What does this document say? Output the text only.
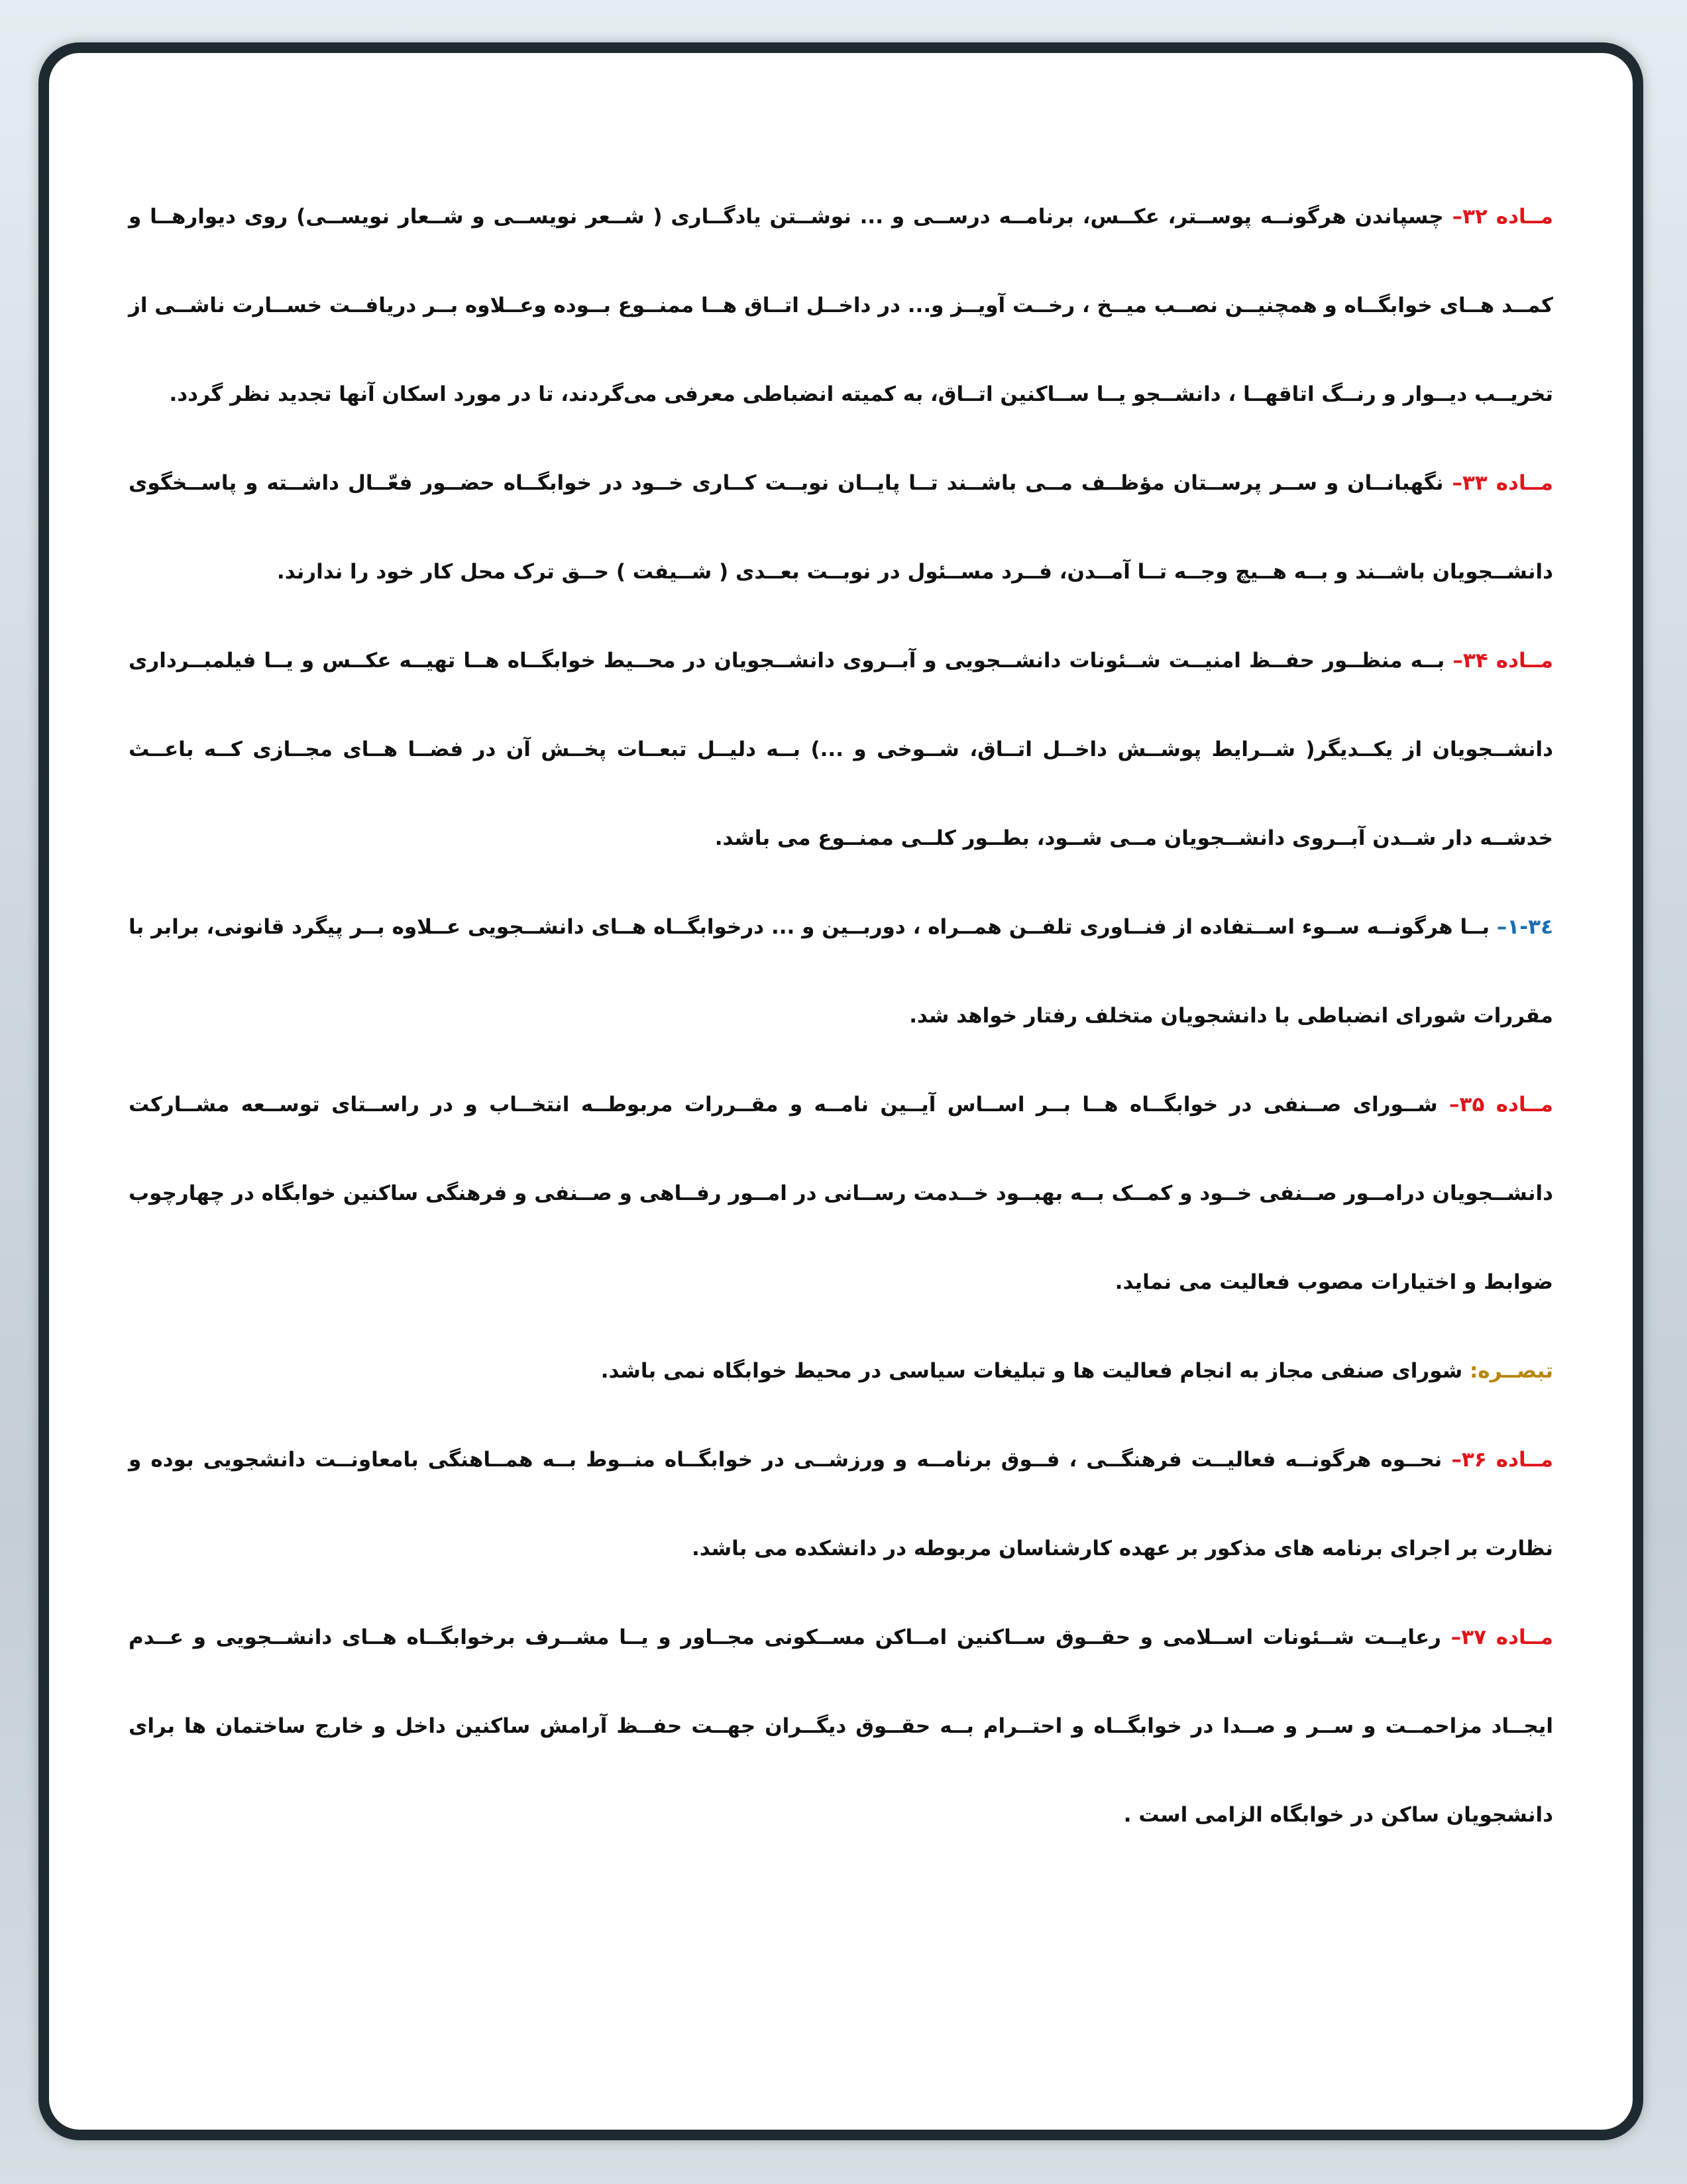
مــاده ۳۲– چسپاندن هرگونــه پوســتر، عکــس، برنامــه درســی و ... نوشــتن یادگــاری ( شــعر نویســی و شــعار نویســی) روی دیوارهــا و کمــد هــای خوابگــاه و همچنیــن نصــب میــخ ، رخــت آویــز و... در داخــل اتــاق هــا ممنــوع بــوده وعــلاوه بــر دریافــت خســارت ناشــی از تخریــب دیــوار و رنــگ اتاقهــا ، دانشــجو یــا ســاکنین اتــاق، به کمیته انضباطی معرفی می‌گردند، تا در مورد اسکان آنها تجدید نظر گردد.

مــاده ۳۳– نگهبانــان و ســر پرســتان مؤظــف مــی باشــند تــا پایــان نوبــت کــاری خــود در خوابگــاه حضــور فعّــال داشــته و پاســخگوی دانشــجویان باشــند و بــه هــیچ وجــه تــا آمــدن، فــرد مســئول در نوبــت بعــدی ( شــیفت ) حــق ترک محل کار خود را ندارند.

مــاده ۳۴– بــه منظــور حفــظ امنیــت شــئونات دانشــجویی و آبــروی دانشــجویان در محــیط خوابگــاه هــا تهیــه عکــس و یــا فیلمبــرداری دانشــجویان از یکــدیگر( شــرایط پوشــش داخــل اتــاق، شــوخی و ...) بــه دلیــل تبعــات پخــش آن در فضــا هــای مجــازی کــه باعــث خدشــه دار شــدن آبــروی دانشــجویان مــی شــود، بطــور کلــی ممنــوع می باشد.

۱-۳٤– بــا هرگونــه ســوء اســتفاده از فنــاوری تلفــن همــراه ، دوربــین و ... درخوابگــاه هــای دانشــجویی عــلاوه بــر پیگرد قانونی، برابر با مقررات شورای انضباطی با دانشجویان متخلف رفتار خواهد شد.

مــاده ۳۵– شــورای صــنفی در خوابگــاه هــا بــر اســاس آیــین نامــه و مقــررات مربوطــه انتخــاب و در راســتای توســعه مشــارکت دانشــجویان درامــور صــنفی خــود و کمــک بــه بهبــود خــدمت رســانی در امــور رفــاهی و صــنفی و فرهنگی ساکنین خوابگاه در چهارچوب ضوابط و اختیارات مصوب فعالیت می نماید.

تبصــره: شورای صنفی مجاز به انجام فعالیت ها و تبلیغات سیاسی در محیط خوابگاه نمی باشد.

مــاده ۳۶– نحــوه هرگونــه فعالیــت فرهنگــی ، فــوق برنامــه و ورزشــی در خوابگــاه منــوط بــه همــاهنگی بامعاونــت دانشجویی بوده و نظارت بر اجرای برنامه های مذکور بر عهده کارشناسان مربوطه در دانشکده می باشد.

مــاده ۳۷– رعایــت شــئونات اســلامی و حقــوق ســاکنین امــاکن مســکونی مجــاور و یــا مشــرف برخوابگــاه هــای دانشــجویی و عــدم ایجــاد مزاحمــت و ســر و صــدا در خوابگــاه و احتــرام بــه حقــوق دیگــران جهــت حفــظ آرامش ساکنین داخل و خارج ساختمان ها برای دانشجویان ساکن در خوابگاه الزامی است .
